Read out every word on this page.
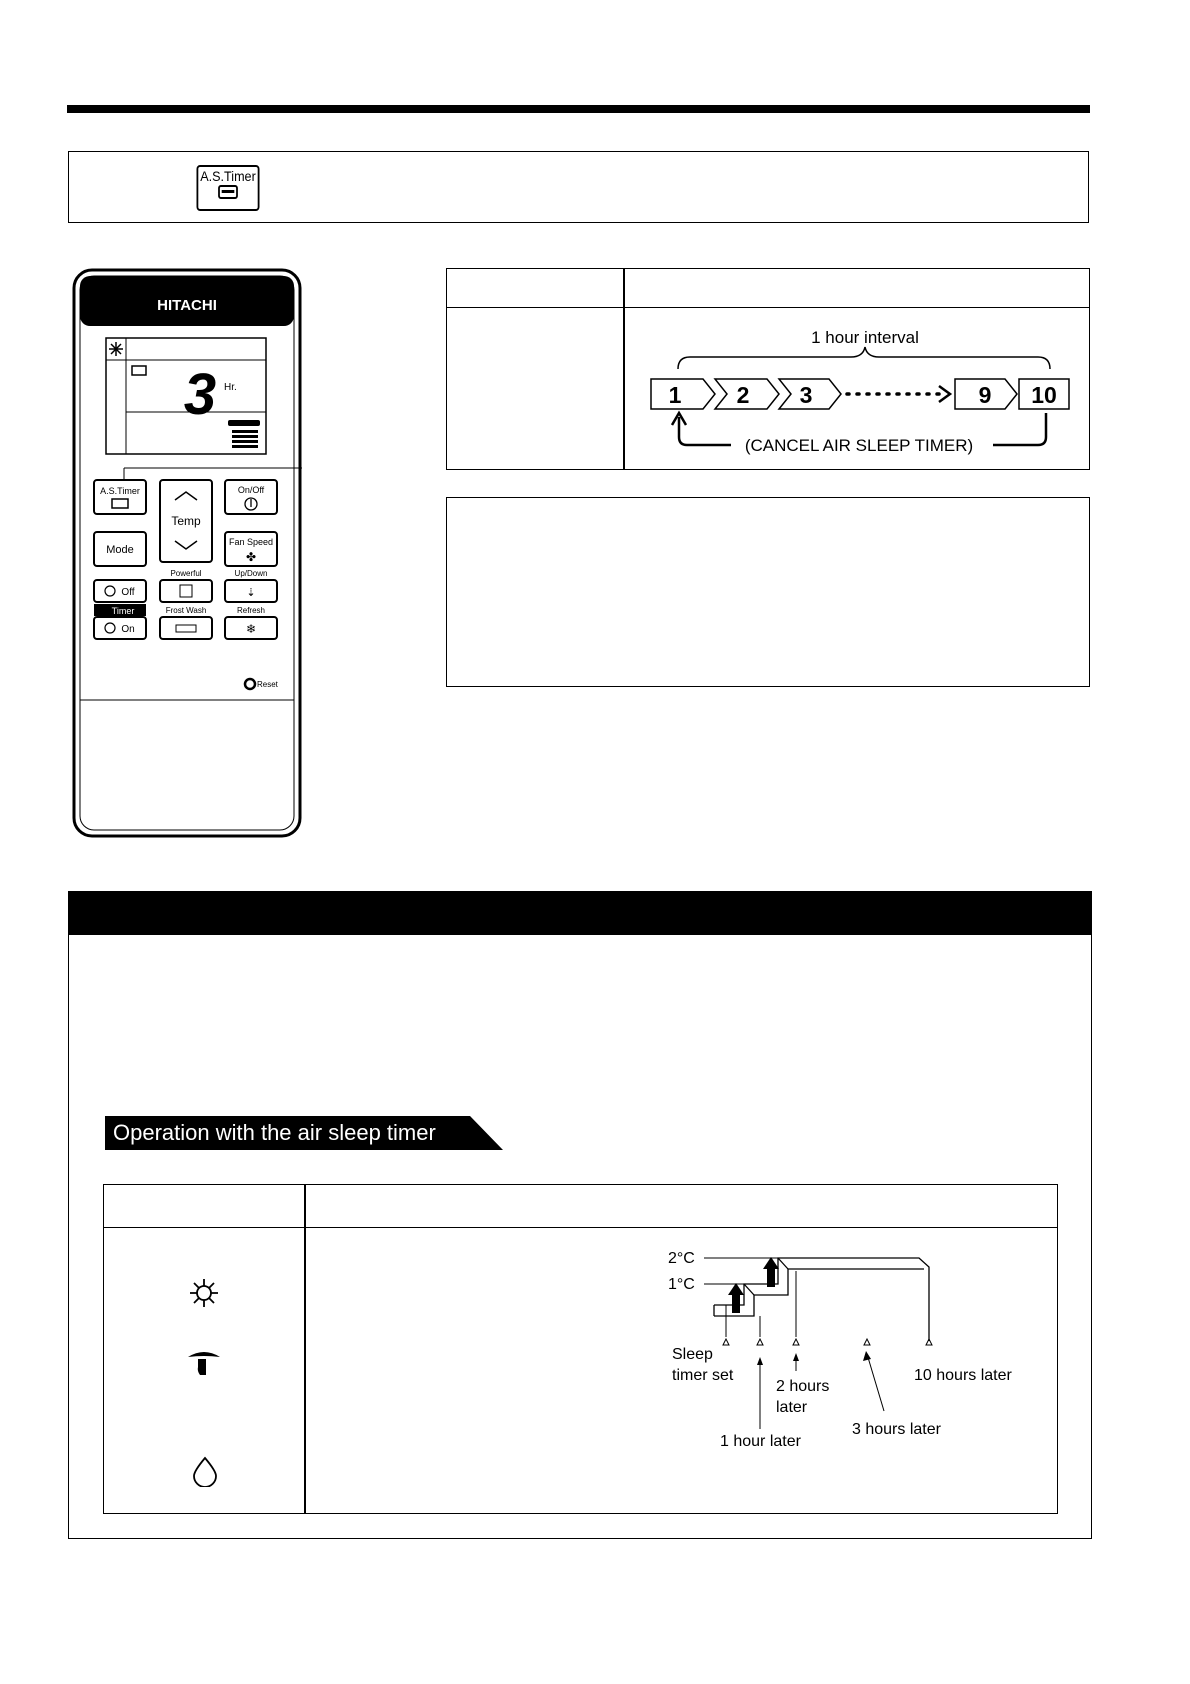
A.S.Timer
HITACHI
3 Hr.
A.S.Timer
Temp
On/Off
Mode
Fan Speed
✤
Powerful	Up/Down
Off	⇣
Timer	Frost Wash	Refresh
On	❄
Reset
1 hour interval
1 2 3	9 10
(CANCEL AIR SLEEP TIMER)
Operation with the air sleep timer
2°C
1°C
Sleep
timer set
1 hour later
2 hours
later
3 hours later
10 hours later
